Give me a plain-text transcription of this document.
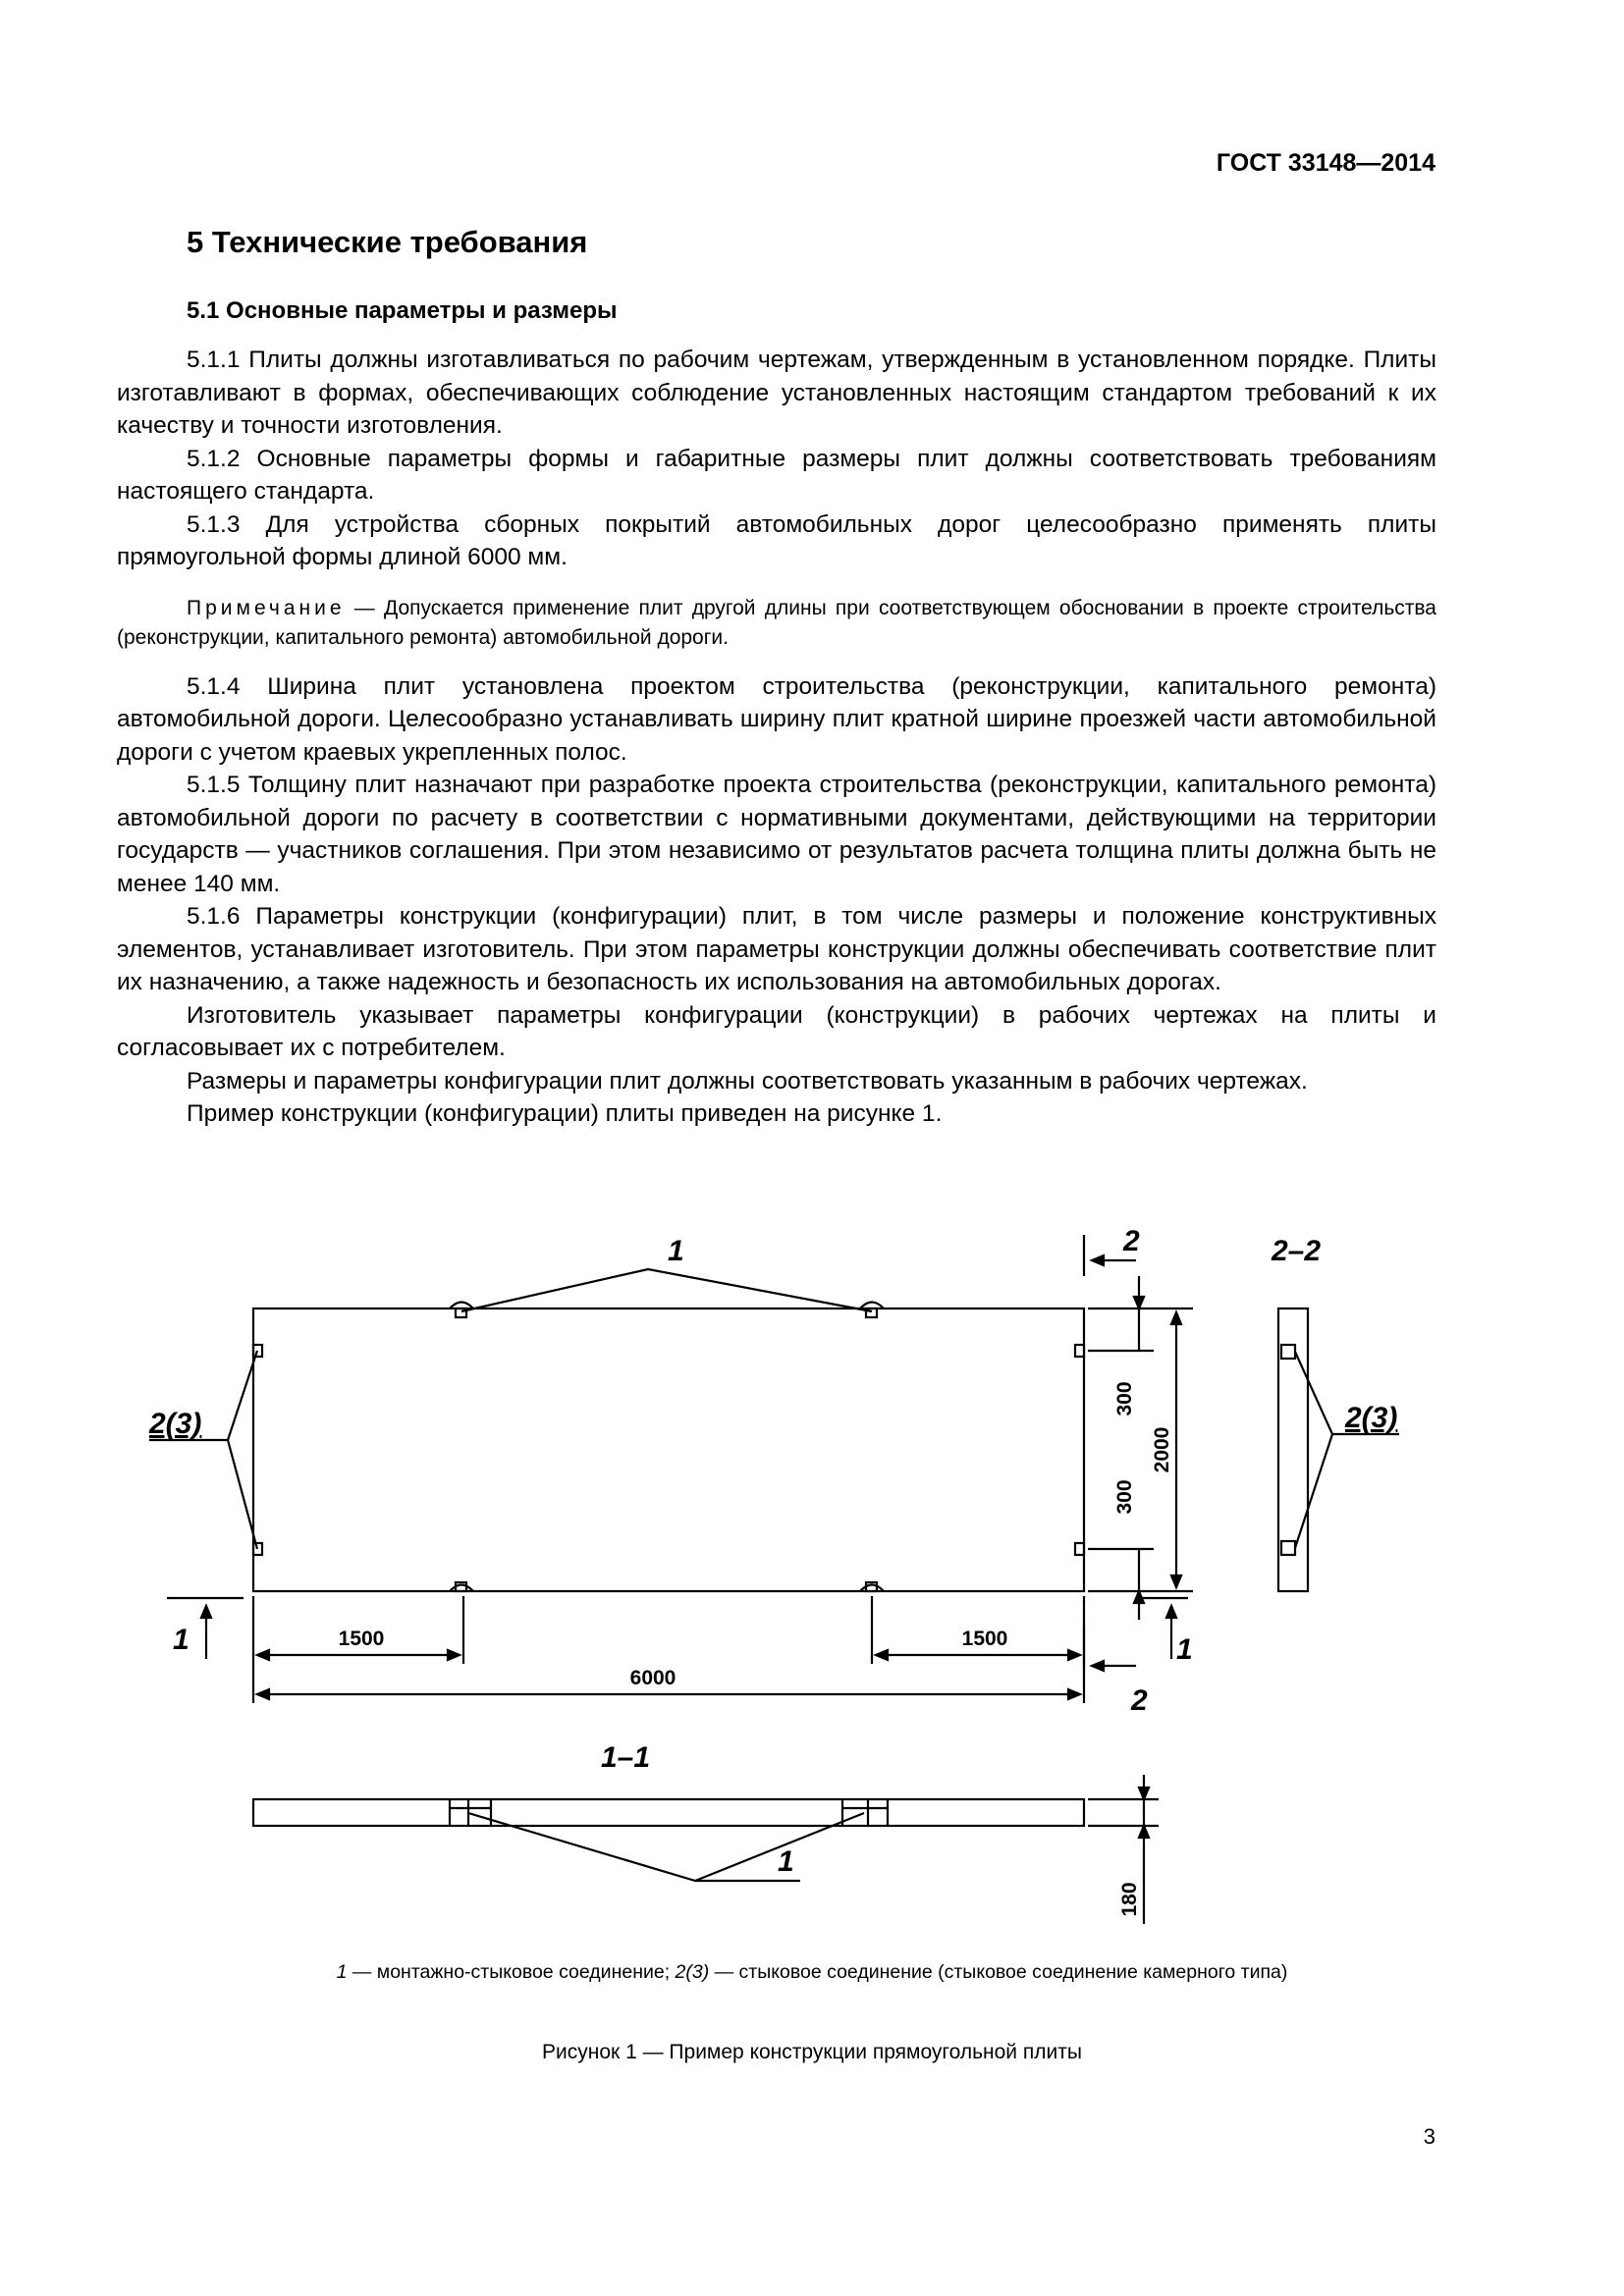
ГОСТ 33148—2014
5 Технические требования
5.1 Основные параметры и размеры

5.1.1 Плиты должны изготавливаться по рабочим чертежам, утвержденным в установленном порядке. Плиты изготавливают в формах, обеспечивающих соблюдение установленных настоящим стандартом требований к их качеству и точности изготовления.

5.1.2 Основные параметры формы и габаритные размеры плит должны соответствовать требованиям настоящего стандарта.

5.1.3 Для устройства сборных покрытий автомобильных дорог целесообразно применять плиты прямоугольной формы длиной 6000 мм.

Примечание — Допускается применение плит другой длины при соответствующем обосновании в проекте строительства (реконструкции, капитального ремонта) автомобильной дороги.

5.1.4 Ширина плит установлена проектом строительства (реконструкции, капитального ремонта) автомобильной дороги. Целесообразно устанавливать ширину плит кратной ширине проезжей части автомобильной дороги с учетом краевых укрепленных полос.

5.1.5 Толщину плит назначают при разработке проекта строительства (реконструкции, капитального ремонта) автомобильной дороги по расчету в соответствии с нормативными документами, действующими на территории государств — участников соглашения. При этом независимо от результатов расчета толщина плиты должна быть не менее 140 мм.

5.1.6 Параметры конструкции (конфигурации) плит, в том числе размеры и положение конструктивных элементов, устанавливает изготовитель. При этом параметры конструкции должны обеспечивать соответствие плит их назначению, а также надежность и безопасность их использования на автомобильных дорогах.

Изготовитель указывает параметры конфигурации (конструкции) в рабочих чертежах на плиты и согласовывает их с потребителем.

Размеры и параметры конфигурации плит должны соответствовать указанным в рабочих чертежах.

Пример конструкции (конфигурации) плиты приведен на рисунке 1.

1	2	2–2
2(3)	2(3)
1	1
2
1–1
1
1500	1500
6000
300
300
2000
180
1 — монтажно-стыковое соединение; 2(3) — стыковое соединение (стыковое соединение камерного типа)
Рисунок 1 — Пример конструкции прямоугольной плиты
3
